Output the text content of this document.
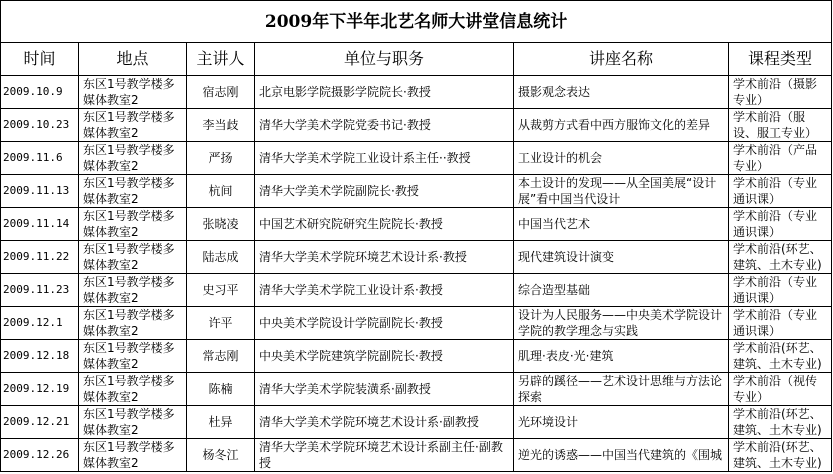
2009年下半年北艺名师大讲堂信息统计					
时间	地点	主讲人	单位与职务	讲座名称	课程类型
2009.10.9	东区1号教学楼多媒体教室2	宿志刚	北京电影学院摄影学院院长·教授	摄影观念表达	学术前沿（摄影专业）
2009.10.23	东区1号教学楼多媒体教室2	李当歧	清华大学美术学院党委书记·教授	从裁剪方式看中西方服饰文化的差异	学术前沿（服设、服工专业）
2009.11.6	东区1号教学楼多媒体教室2	严扬	清华大学美术学院工业设计系主任··教授	工业设计的机会	学术前沿（产品专业）
2009.11.13	东区1号教学楼多媒体教室2	杭间	清华大学美术学院副院长·教授	本土设计的发现——从全国美展“设计展”看中国当代设计	学术前沿（专业通识课）
2009.11.14	东区1号教学楼多媒体教室2	张晓凌	中国艺术研究院研究生院院长·教授	中国当代艺术	学术前沿（专业通识课）
2009.11.22	东区1号教学楼多媒体教室2	陆志成	清华大学美术学院环境艺术设计系·教授	现代建筑设计演变	学术前沿(环艺、建筑、土木专业)
2009.11.23	东区1号教学楼多媒体教室2	史习平	清华大学美术学院工业设计系·教授	综合造型基础	学术前沿（专业通识课）
2009.12.1	东区1号教学楼多媒体教室2	许平	中央美术学院设计学院副院长·教授	设计为人民服务——中央美术学院设计学院的教学理念与实践	学术前沿（专业通识课）
2009.12.18	东区1号教学楼多媒体教室2	常志刚	中央美术学院建筑学院副院长·教授	肌理·表皮·光·建筑	学术前沿(环艺、建筑、土木专业)
2009.12.19	东区1号教学楼多媒体教室2	陈楠	清华大学美术学院装潢系·副教授	另辟的蹊径——艺术设计思维与方法论探索	学术前沿（视传专业）
2009.12.21	东区1号教学楼多媒体教室2	杜异	清华大学美术学院环境艺术设计系·副教授	光环境设计	学术前沿(环艺、建筑、土木专业)
2009.12.26	东区1号教学楼多媒体教室2	杨冬江	清华大学美术学院环境艺术设计系副主任·副教授	逆光的诱惑——中国当代建筑的《围城	学术前沿(环艺、建筑、土木专业)
